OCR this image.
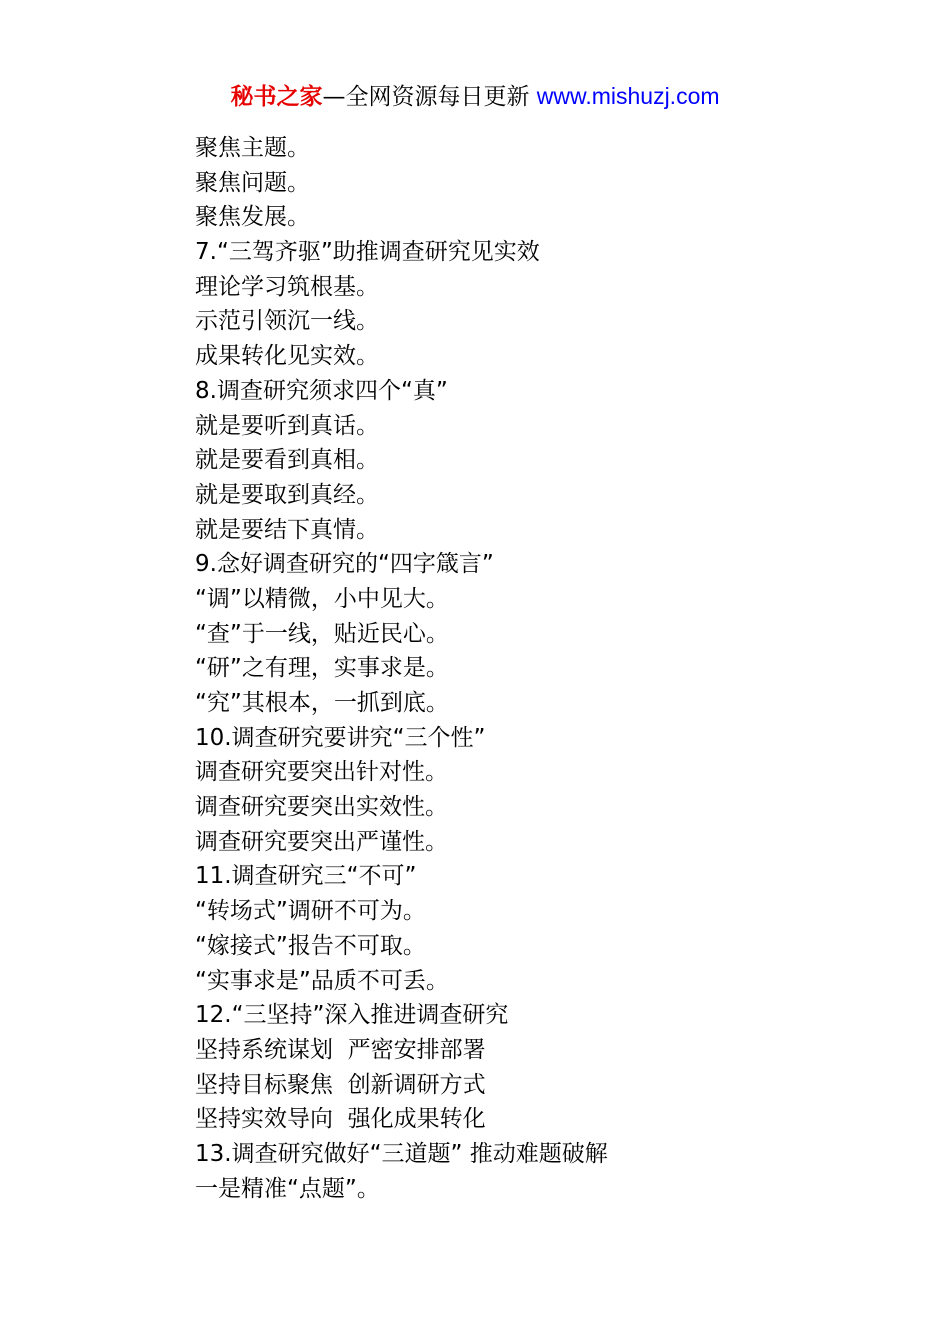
秘书之家—全网资源每日更新 www.mishuzj.com
聚焦主题。
聚焦问题。
聚焦发展。
7.“三驾齐驱”助推调查研究见实效
理论学习筑根基。
示范引领沉一线。
成果转化见实效。
8.调查研究须求四个“真”
就是要听到真话。
就是要看到真相。
就是要取到真经。
就是要结下真情。
9.念好调查研究的“四字箴言”
“调”以精微，小中见大。
“查”于一线，贴近民心。
“研”之有理，实事求是。
“究”其根本，一抓到底。
10.调查研究要讲究“三个性”
调查研究要突出针对性。
调查研究要突出实效性。
调查研究要突出严谨性。
11.调查研究三“不可”
“转场式”调研不可为。
“嫁接式”报告不可取。
“实事求是”品质不可丢。
12.“三坚持”深入推进调查研究
坚持系统谋划  严密安排部署
坚持目标聚焦  创新调研方式
坚持实效导向  强化成果转化
13.调查研究做好“三道题” 推动难题破解
一是精准“点题”。
